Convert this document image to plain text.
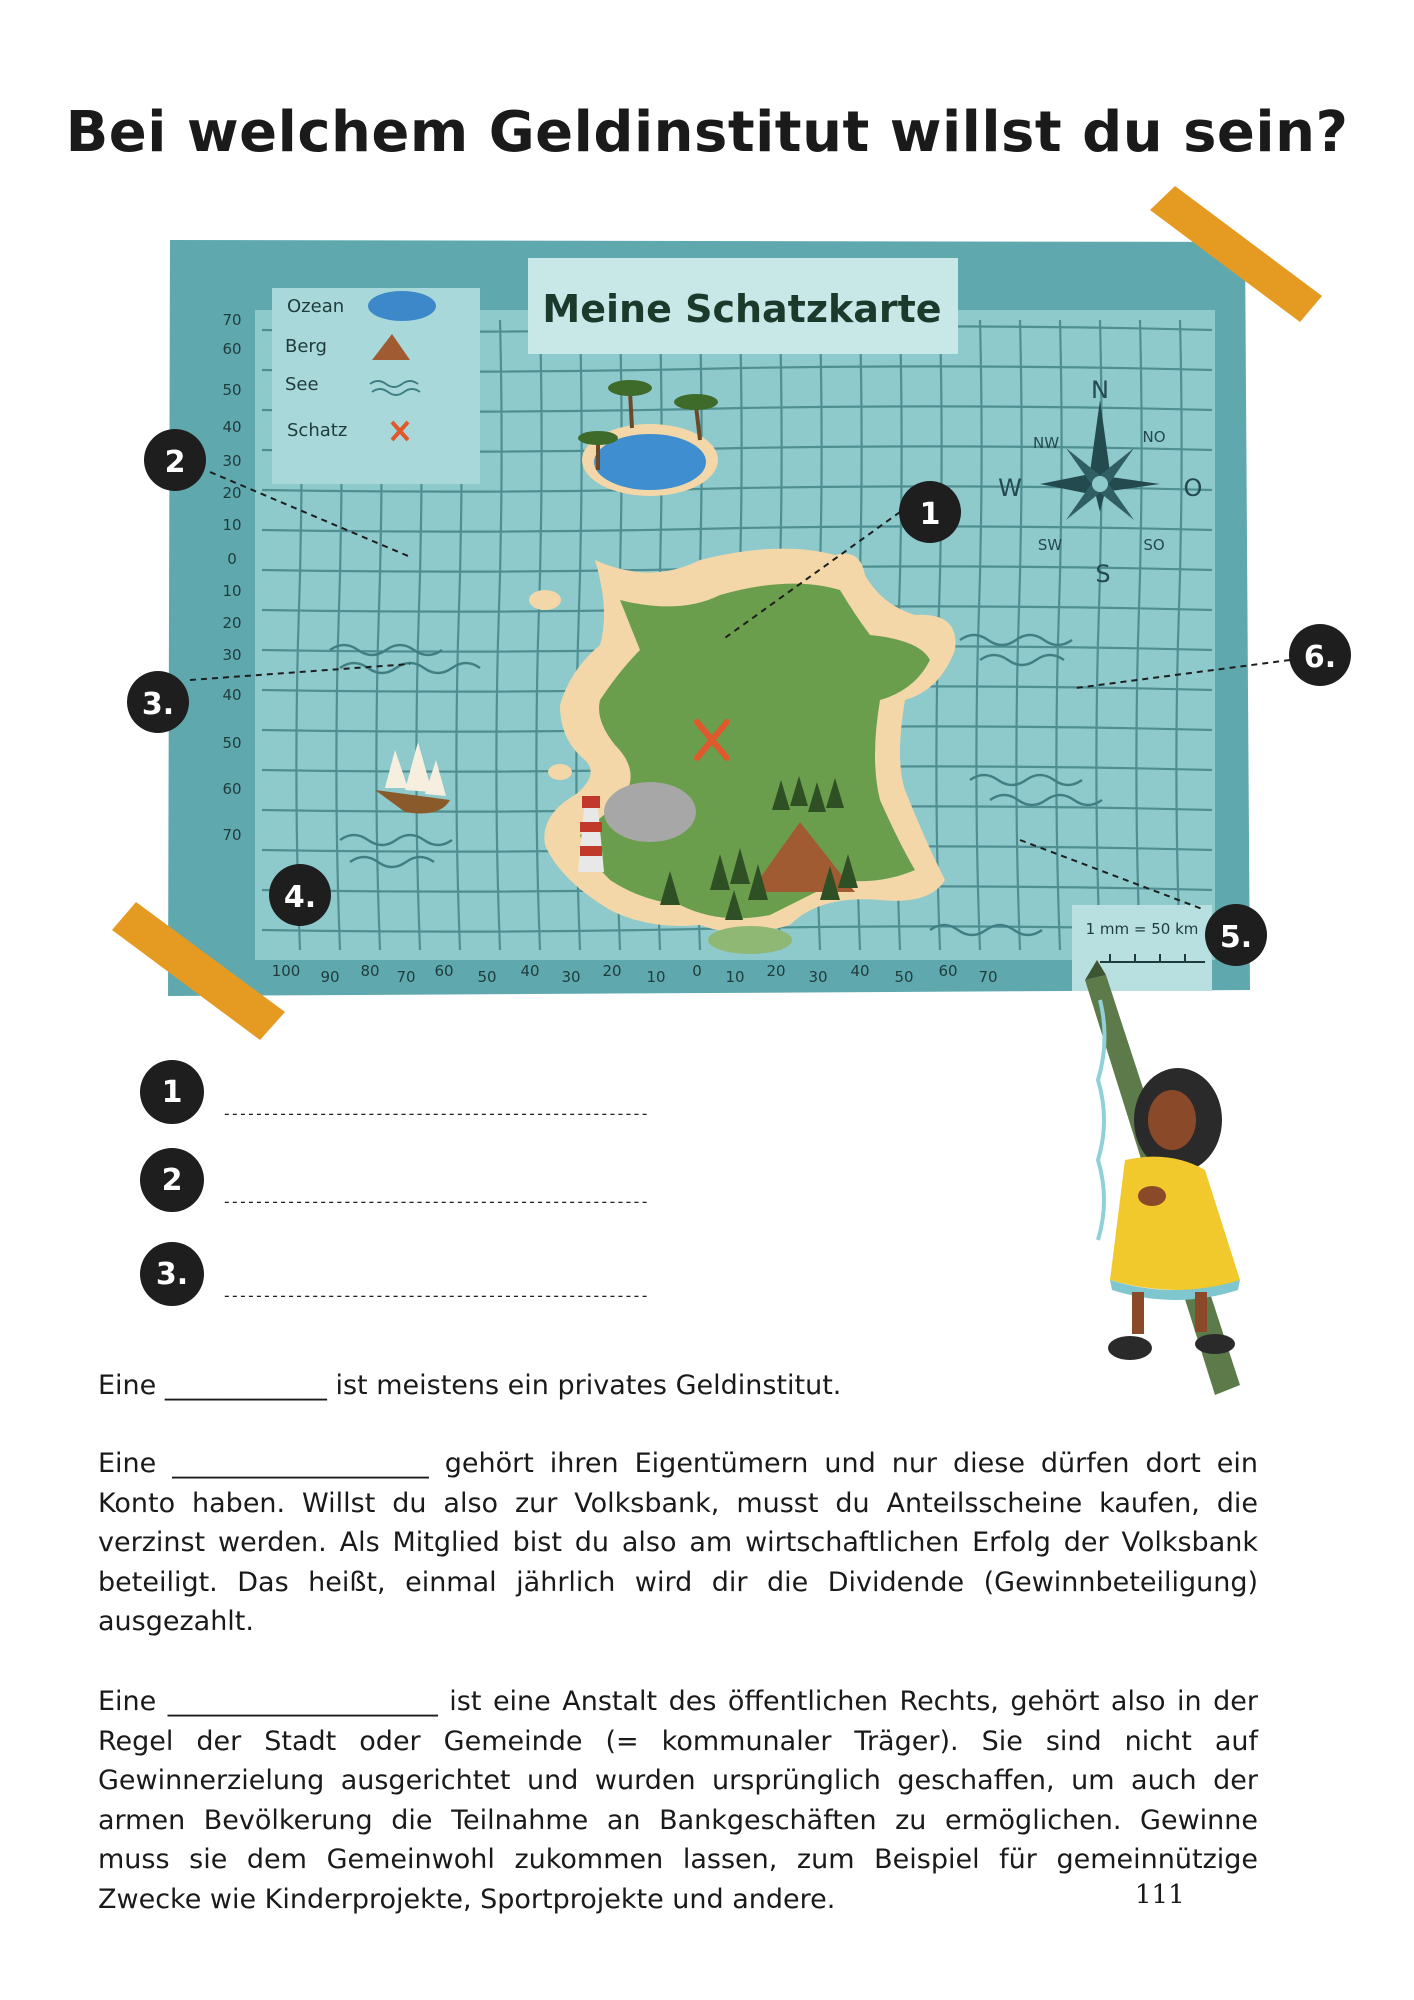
Bei welchem Geldinstitut willst du sein?
Ozean
Berg
See
Schatz
Meine Schatzkarte
N
S
W	O
NW	NO
SW	SO
1 mm = 50 km
70
60
50
40
30
20
10
0
10
20
30
40
50
60
70
100 90 80 70 60 50 40 30 20 10 0 10 20 30 40 50 60 70
1
2
3.
4.
5.
6.
1
-----------------------------------------------------
2
-----------------------------------------------------
3.
-----------------------------------------------------
Eine ____________ ist meistens ein privates Geldinstitut.
Eine ___________________ gehört ihren Eigentümern und nur diese dürfen dort ein Konto haben. Willst du also zur Volksbank, musst du Anteilsscheine kaufen, die verzinst werden. Als Mitglied bist du also am wirtschaftlichen Erfolg der Volksbank beteiligt. Das heißt, einmal jährlich wird dir die Dividende (Gewinnbeteiligung) ausgezahlt.
Eine ____________________ ist eine Anstalt des öffentlichen Rechts, gehört also in der Regel der Stadt oder Gemeinde (= kommunaler Träger). Sie sind nicht auf Gewinnerzielung ausgerichtet und wurden ursprünglich geschaffen, um auch der armen Bevölkerung die Teilnahme an Bankgeschäften zu ermöglichen. Gewinne muss sie dem Gemeinwohl zukommen lassen, zum Beispiel für gemeinnützige Zwecke wie Kinderprojekte, Sportprojekte und andere.	111
